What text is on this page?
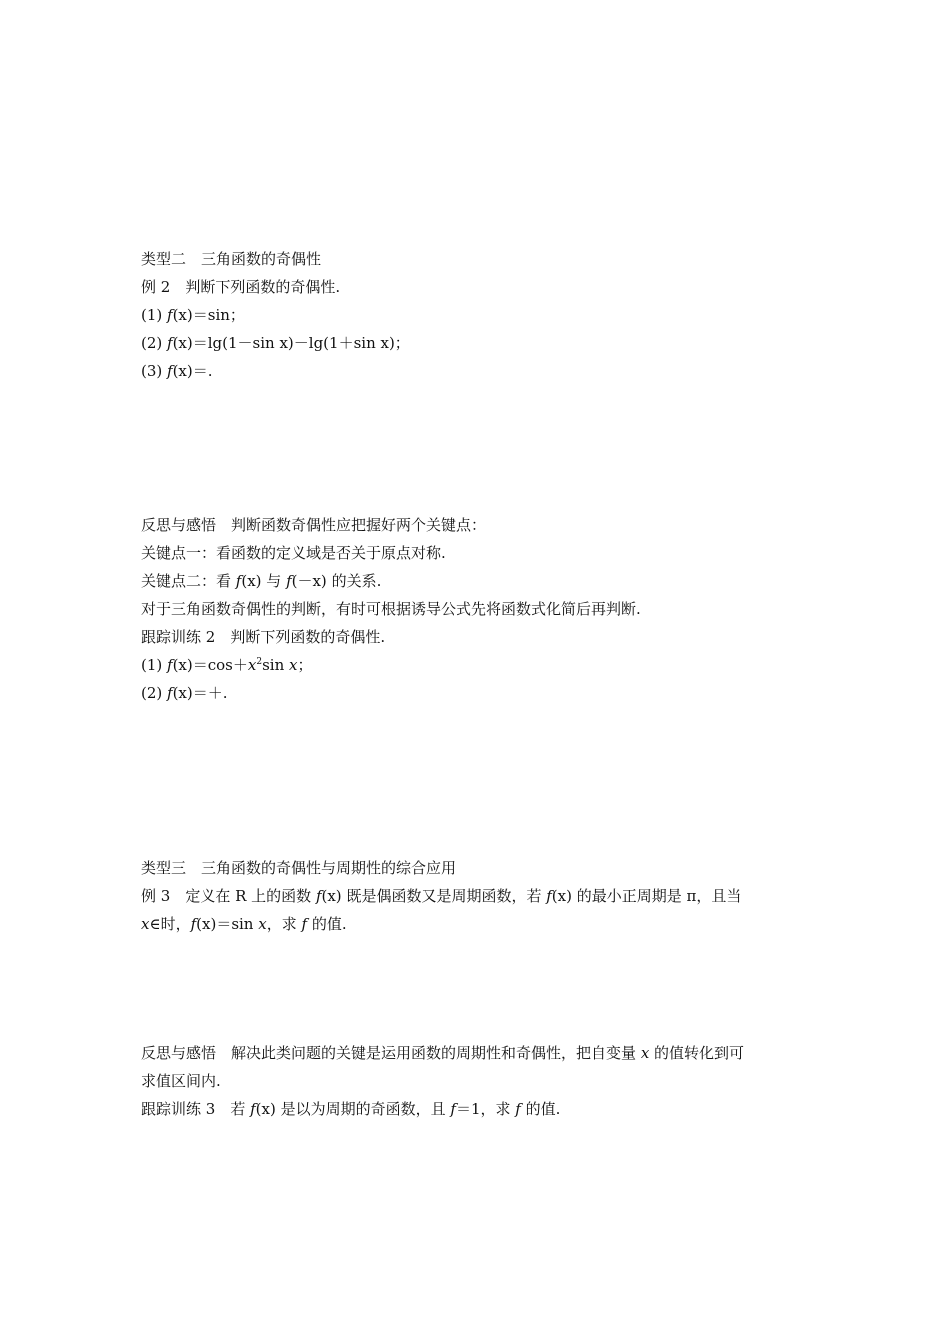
类型二　三角函数的奇偶性
例 2　 判断下列函数的奇偶性.
(1) f(x)＝sin；
(2) f(x)＝lg(1－sin x)－lg(1＋sin x)；
(3) f(x)＝.
反思与感悟　 判断函数奇偶性应把握好两个关键点：
关键点一：看函数的定义域是否关于原点对称.
关键点二：看 f(x) 与 f(－x) 的关系.
对于三角函数奇偶性的判断，有时可根据诱导公式先将函数式化简后再判断.
跟踪训练 2　 判断下列函数的奇偶性.
(1) $f(x)=\cos+x^2\sin$ x；
(2) f(x)＝＋.
类型三　三角函数的奇偶性与周期性的综合应用
例 3　 定义在 R 上的函数 f(x) 既是偶函数又是周期函数，若 f(x) 的最小正周期是 π，且当
x∈时，f(x)＝sin x，求 f 的值.
反思与感悟　 解决此类问题的关键是运用函数的周期性和奇偶性，把自变量 x 的值转化到可
求值区间内.
跟踪训练 3　 若 f(x) 是以为周期的奇函数，且 f＝1，求 f 的值.
